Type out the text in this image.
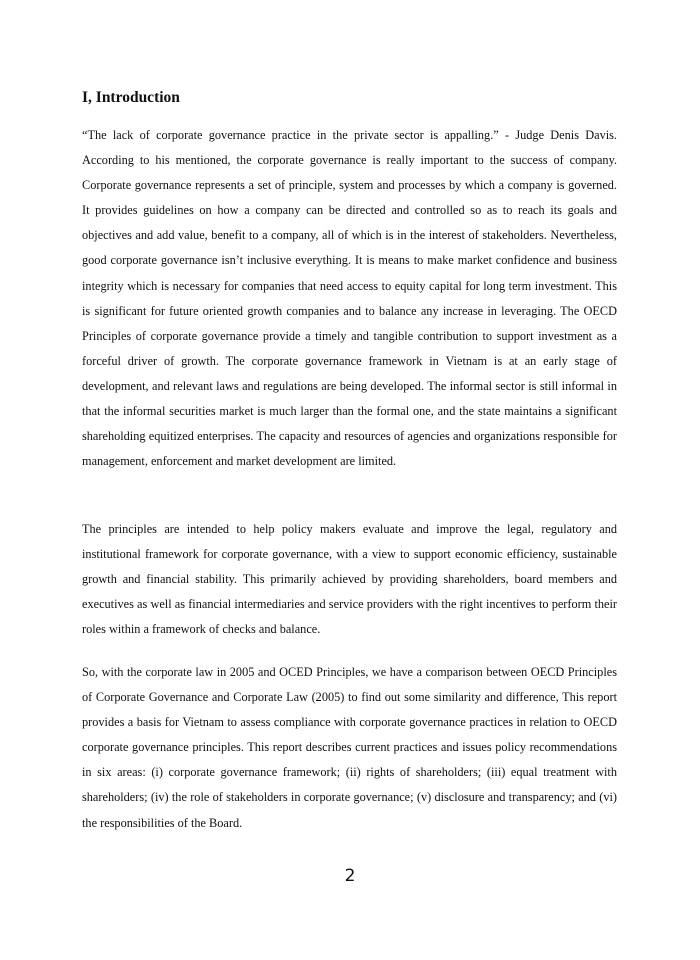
I, Introduction

“The lack of corporate governance practice in the private sector is appalling.” - Judge Denis Davis. According to his mentioned, the corporate governance is really important to the success of company. Corporate governance represents a set of principle, system and processes by which a company is governed. It provides guidelines on how a company can be directed and controlled so as to reach its goals and objectives and add value, benefit to a company, all of which is in the interest of stakeholders. Nevertheless, good corporate governance isn’t inclusive everything. It is means to make market confidence and business integrity which is necessary for companies that need access to equity capital for long term investment. This is significant for future oriented growth companies and to balance any increase in leveraging. The OECD Principles of corporate governance provide a timely and tangible contribution to support investment as a forceful driver of growth. The corporate governance framework in Vietnam is at an early stage of development, and relevant laws and regulations are being developed. The informal sector is still informal in that the informal securities market is much larger than the formal one, and the state maintains a significant shareholding equitized enterprises. The capacity and resources of agencies and organizations responsible for management, enforcement and market development are limited.

The principles are intended to help policy makers evaluate and improve the legal, regulatory and institutional framework for corporate governance, with a view to support economic efficiency, sustainable growth and financial stability. This primarily achieved by providing shareholders, board members and executives as well as financial intermediaries and service providers with the right incentives to perform their roles within a framework of checks and balance.

So, with the corporate law in 2005 and OCED Principles, we have a comparison between OECD Principles of Corporate Governance and Corporate Law (2005) to find out some similarity and difference, This report provides a basis for Vietnam to assess compliance with corporate governance practices in relation to OECD corporate governance principles. This report describes current practices and issues policy recommendations in six areas: (i) corporate governance framework; (ii) rights of shareholders; (iii) equal treatment with shareholders; (iv) the role of stakeholders in corporate governance; (v) disclosure and transparency; and (vi) the responsibilities of the Board.

2
